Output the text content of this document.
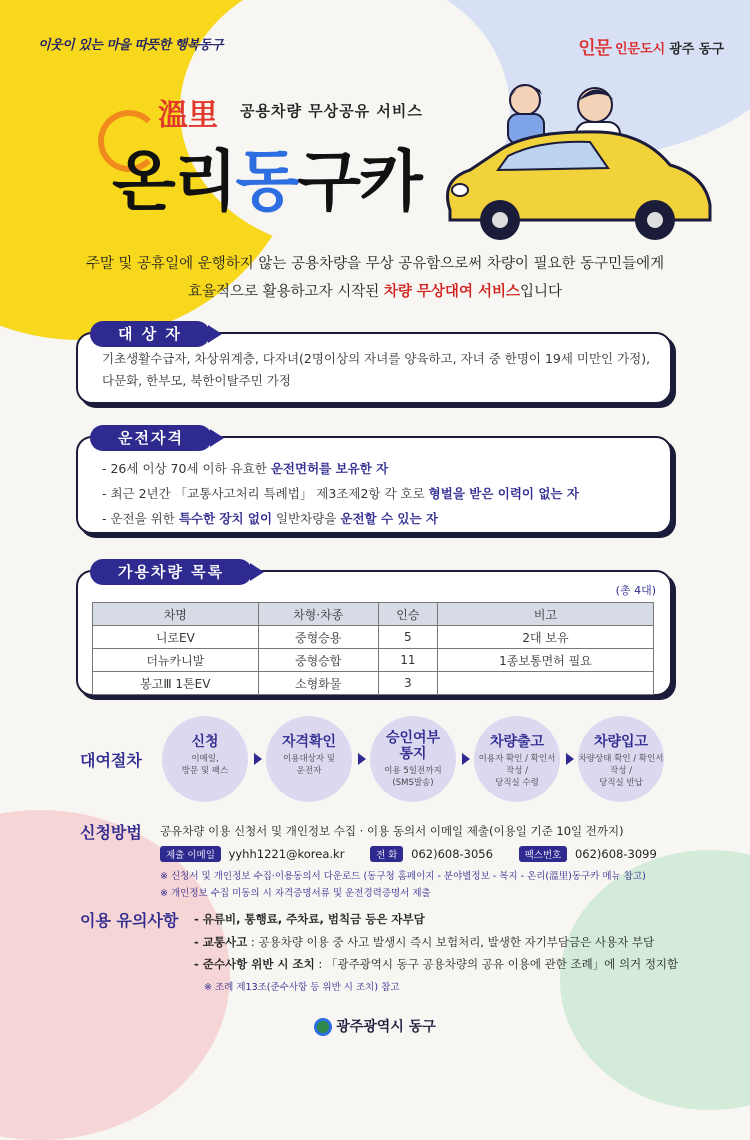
이웃이 있는 마을 따뜻한 행복동구	인문 인문도시 광주 동구
溫里 공용차량 무상공유 서비스
온리동구카
주말 및 공휴일에 운행하지 않는 공용차량을 무상 공유함으로써 차량이 필요한 동구민들에게
효율적으로 활용하고자 시작된 차량 무상대여 서비스입니다
기초생활수급자, 차상위계층, 다자녀(2명이상의 자녀를 양육하고, 자녀 중 한명이 19세 미만인 가정),
다문화, 한부모, 북한이탈주민 가정
대 상 자
- 26세 이상 70세 이하 유효한 운전면허를 보유한 자
- 최근 2년간 「교통사고처리 특례법」 제3조제2항 각 호로 형벌을 받은 이력이 없는 자
- 운전을 위한 특수한 장치 없이 일반차량을 운전할 수 있는 자
운전자격
(총 4대)
차명	차형·차종	인승	비고
니로EV	중형승용	5	2대 보유
더뉴카니발	중형승합	11	1종보통면허 필요
봉고Ⅲ 1톤EV	소형화물	3	
가용차량 목록
대여절차
신청
이메일,
방문 및 팩스
자격확인
이용대상자 및
운전자
승인여부 통지
이용 5일전까지
(SMS발송)
차량출고
이용자 확인 / 확인서 작성 /
당직실 수령
차량입고
차량상태 확인 / 확인서 작성 /
당직실 반납
신청방법 공유차량 이용 신청서 및 개인정보 수집 · 이용 동의서 이메일 제출(이용일 기준 10일 전까지)
제출 이메일 yyhh1221@korea.kr	전 화 062)608-3056	팩스번호 062)608-3099
※ 신청서 및 개인정보 수집·이용동의서 다운로드 (동구청 홈페이지 - 분야별정보 - 복지 - 온리(溫里)동구카 메뉴 참고)
※ 개인정보 수집 미동의 시 자격증명서류 및 운전경력증명서 제출
이용 유의사항 - 유류비, 통행료, 주차료, 범칙금 등은 자부담
- 교통사고 : 공용차량 이용 중 사고 발생시 즉시 보험처리, 발생한 자기부담금은 사용자 부담
- 준수사항 위반 시 조치 : 「광주광역시 동구 공용차량의 공유 이용에 관한 조례」에 의거 정지함
※ 조례 제13조(준수사항 등 위반 시 조치) 참고
광주광역시 동구
